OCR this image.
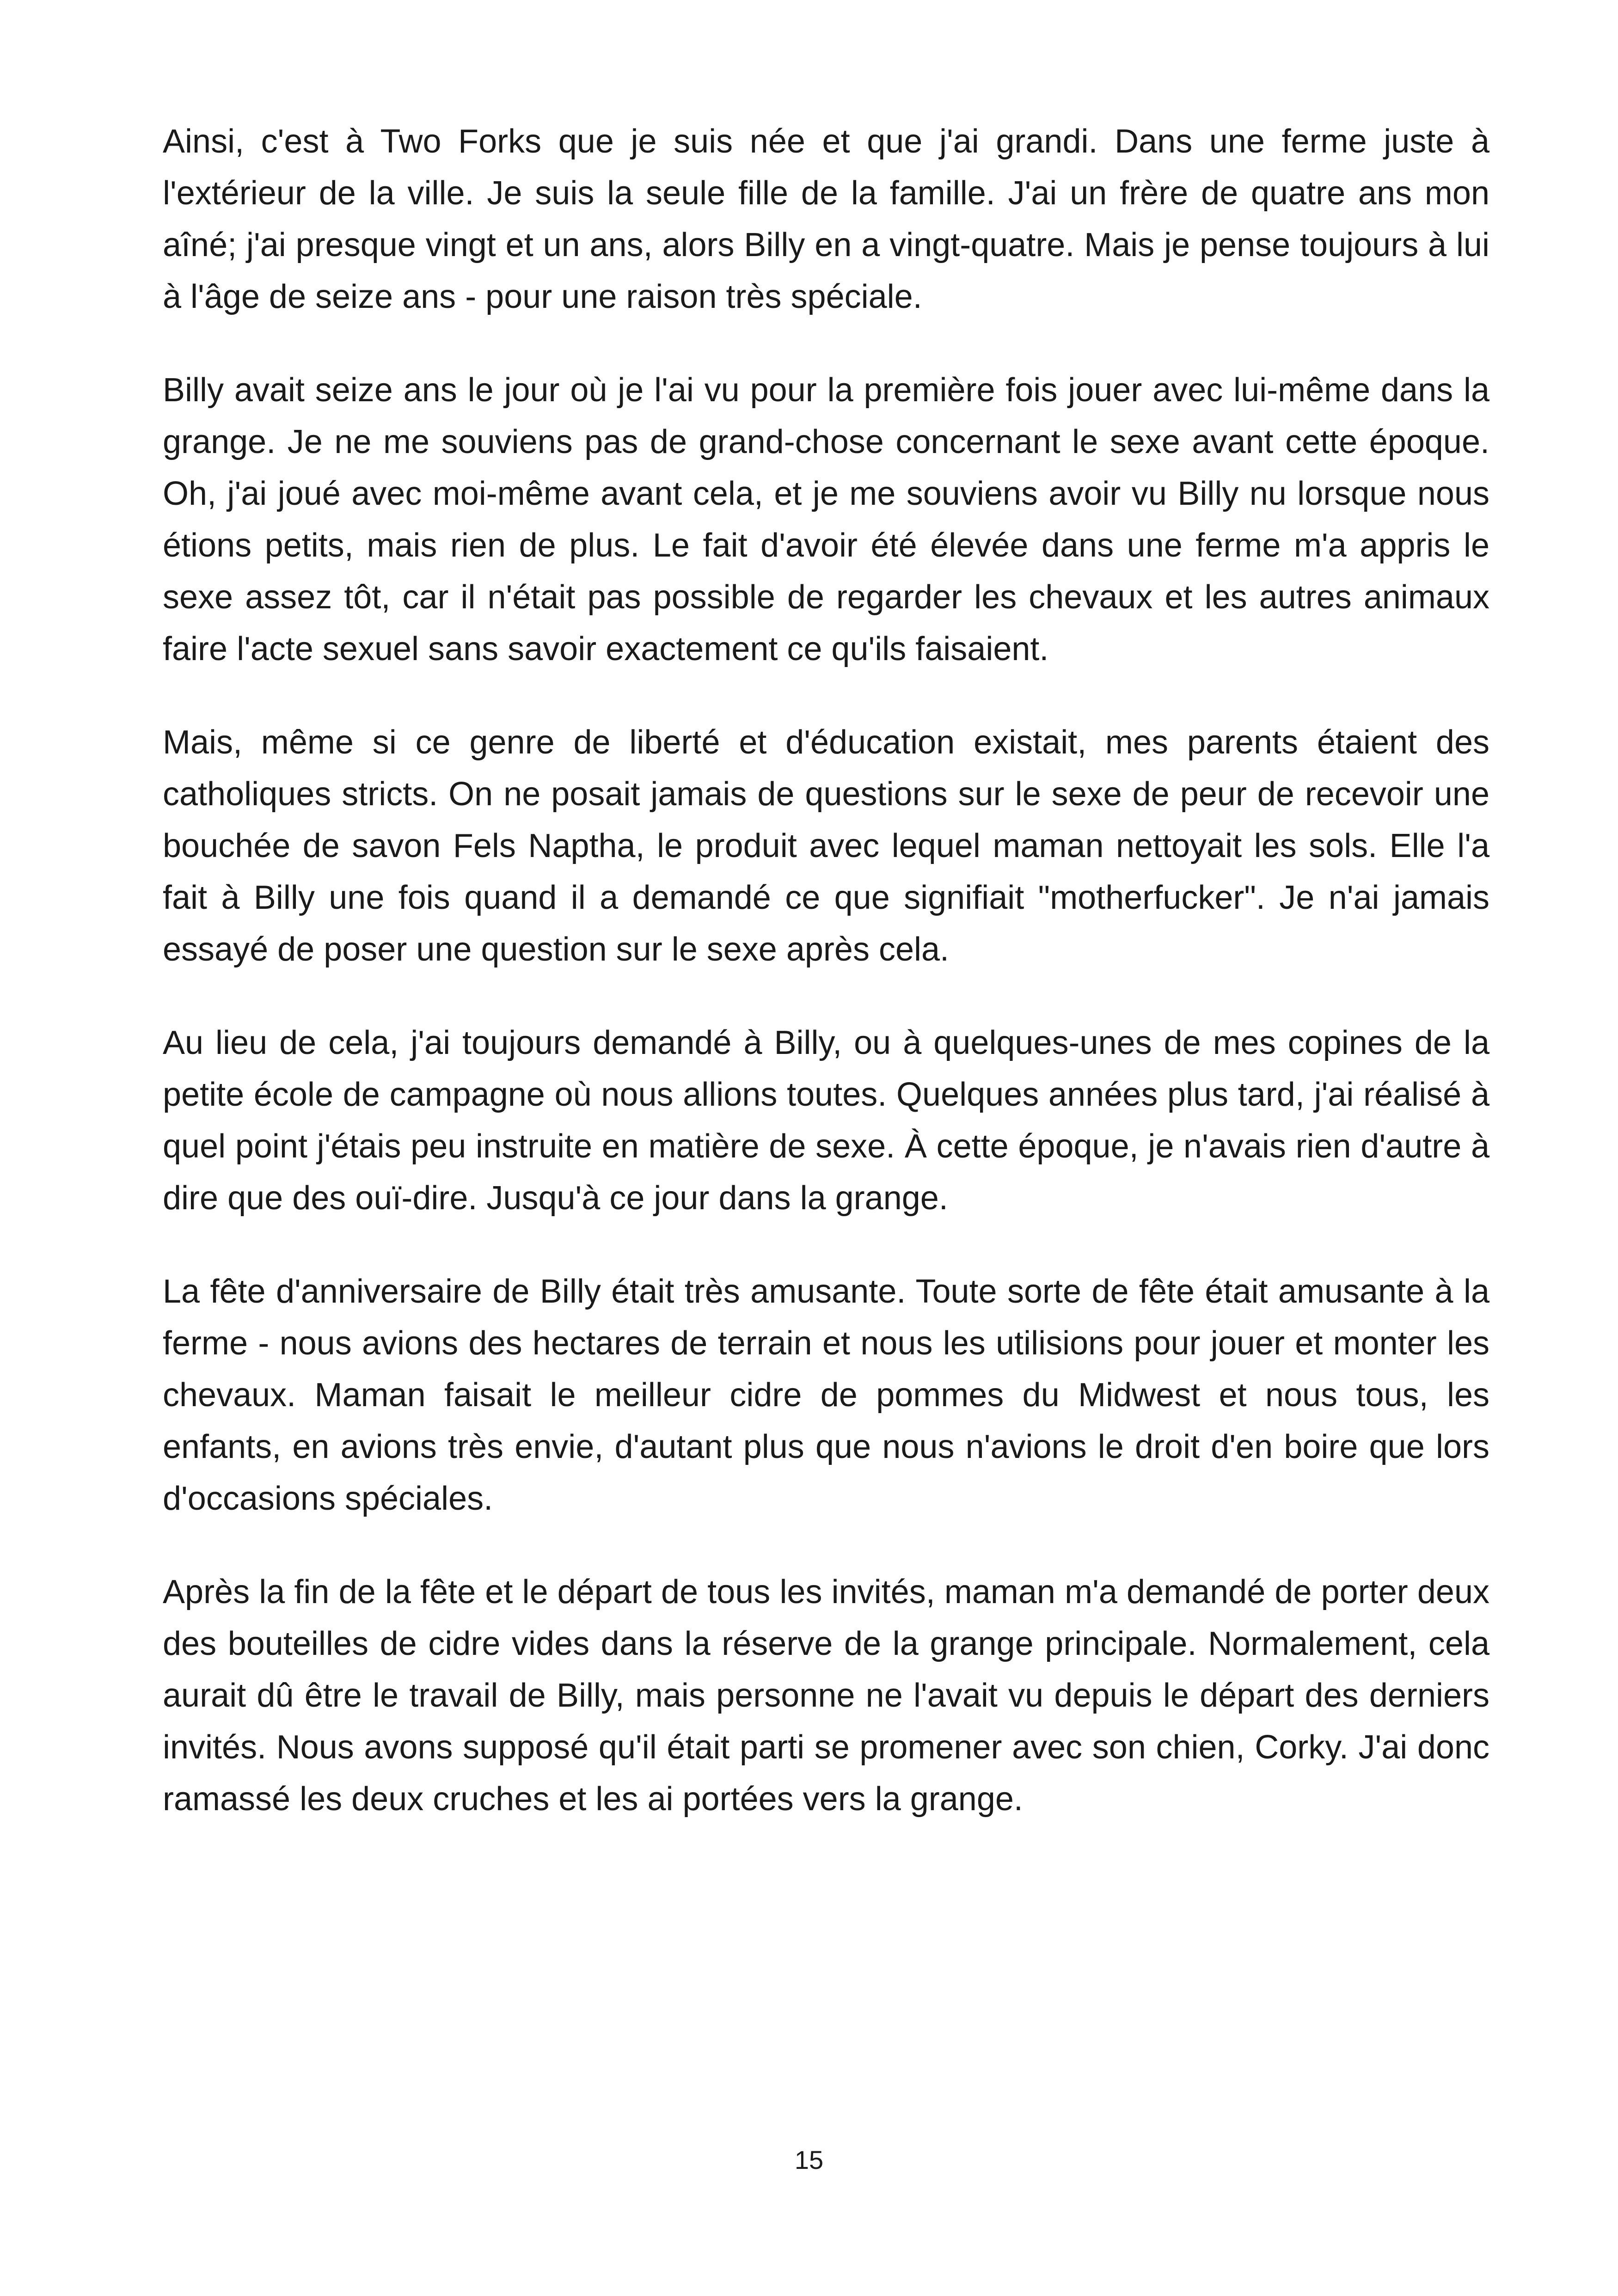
Ainsi, c'est à Two Forks que je suis née et que j'ai grandi. Dans une ferme juste à l'extérieur de la ville. Je suis la seule fille de la famille. J'ai un frère de quatre ans mon aîné; j'ai presque vingt et un ans, alors Billy en a vingt-quatre. Mais je pense toujours à lui à l'âge de seize ans - pour une raison très spéciale.

Billy avait seize ans le jour où je l'ai vu pour la première fois jouer avec lui-même dans la grange. Je ne me souviens pas de grand-chose concernant le sexe avant cette époque. Oh, j'ai joué avec moi-même avant cela, et je me souviens avoir vu Billy nu lorsque nous étions petits, mais rien de plus. Le fait d'avoir été élevée dans une ferme m'a appris le sexe assez tôt, car il n'était pas possible de regarder les chevaux et les autres animaux faire l'acte sexuel sans savoir exactement ce qu'ils faisaient.

Mais, même si ce genre de liberté et d'éducation existait, mes parents étaient des catholiques stricts. On ne posait jamais de questions sur le sexe de peur de recevoir une bouchée de savon Fels Naptha, le produit avec lequel maman nettoyait les sols. Elle l'a fait à Billy une fois quand il a demandé ce que signifiait "motherfucker". Je n'ai jamais essayé de poser une question sur le sexe après cela.

Au lieu de cela, j'ai toujours demandé à Billy, ou à quelques-unes de mes copines de la petite école de campagne où nous allions toutes. Quelques années plus tard, j'ai réalisé à quel point j'étais peu instruite en matière de sexe. À cette époque, je n'avais rien d'autre à dire que des ouï-dire. Jusqu'à ce jour dans la grange.

La fête d'anniversaire de Billy était très amusante. Toute sorte de fête était amusante à la ferme - nous avions des hectares de terrain et nous les utilisions pour jouer et monter les chevaux. Maman faisait le meilleur cidre de pommes du Midwest et nous tous, les enfants, en avions très envie, d'autant plus que nous n'avions le droit d'en boire que lors d'occasions spéciales.

Après la fin de la fête et le départ de tous les invités, maman m'a demandé de porter deux des bouteilles de cidre vides dans la réserve de la grange principale. Normalement, cela aurait dû être le travail de Billy, mais personne ne l'avait vu depuis le départ des derniers invités. Nous avons supposé qu'il était parti se promener avec son chien, Corky. J'ai donc ramassé les deux cruches et les ai portées vers la grange.

15
